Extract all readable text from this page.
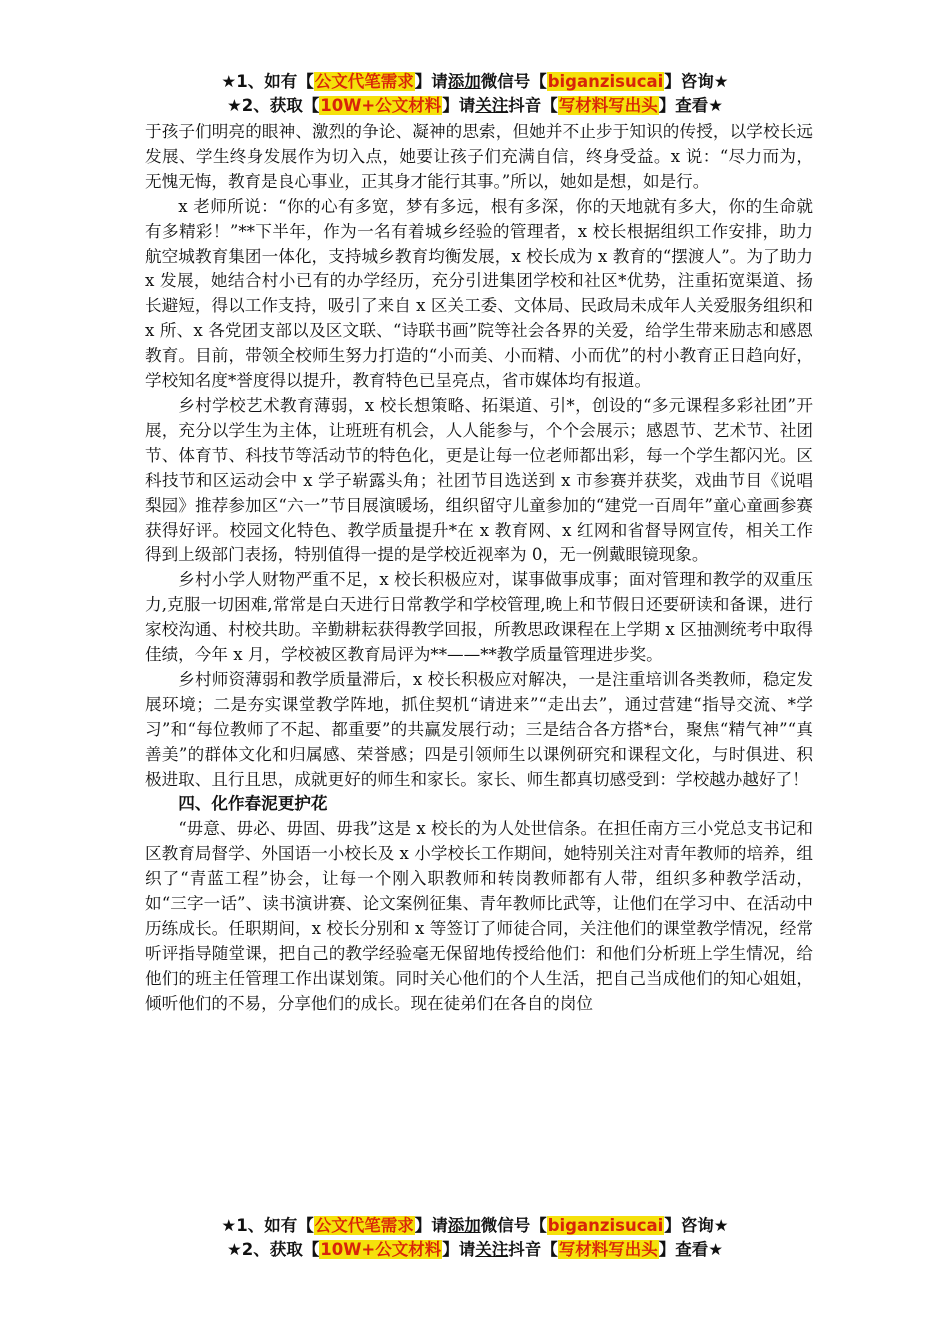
★1、如有【公文代笔需求】请添加微信号【biganzisucai】咨询★
★2、获取【10W+公文材料】请关注抖音【写材料写出头】查看★

于孩子们明亮的眼神、激烈的争论、凝神的思索，但她并不止步于知识的传授，以学校长远发展、学生终身发展作为切入点，她要让孩子们充满自信，终身受益。x 说：“尽力而为，无愧无悔，教育是良心事业，正其身才能行其事。”所以，她如是想，如是行。

x 老师所说：“你的心有多宽，梦有多远，根有多深，你的天地就有多大，你的生命就有多精彩！”**下半年，作为一名有着城乡经验的管理者，x 校长根据组织工作安排，助力航空城教育集团一体化，支持城乡教育均衡发展，x 校长成为 x 教育的“摆渡人”。为了助力 x 发展，她结合村小已有的办学经历，充分引进集团学校和社区*优势，注重拓宽渠道、扬长避短，得以工作支持，吸引了来自 x 区关工委、文体局、民政局未成年人关爱服务组织和 x 所、x 各党团支部以及区文联、“诗联书画”院等社会各界的关爱，给学生带来励志和感恩教育。目前，带领全校师生努力打造的“小而美、小而精、小而优”的村小教育正日趋向好，学校知名度*誉度得以提升，教育特色已呈亮点，省市媒体均有报道。

乡村学校艺术教育薄弱，x 校长想策略、拓渠道、引*，创设的“多元课程多彩社团”开展，充分以学生为主体，让班班有机会，人人能参与，个个会展示；感恩节、艺术节、社团节、体育节、科技节等活动节的特色化，更是让每一位老师都出彩，每一个学生都闪光。区科技节和区运动会中 x 学子崭露头角；社团节目选送到 x 市参赛并获奖，戏曲节目《说唱梨园》推荐参加区“六一”节目展演暖场，组织留守儿童参加的“建党一百周年”童心童画参赛获得好评。校园文化特色、教学质量提升*在 x 教育网、x 红网和省督导网宣传，相关工作得到上级部门表扬，特别值得一提的是学校近视率为 0，无一例戴眼镜现象。

乡村小学人财物严重不足，x 校长积极应对，谋事做事成事；面对管理和教学的双重压力,克服一切困难,常常是白天进行日常教学和学校管理,晚上和节假日还要研读和备课，进行家校沟通、村校共助。辛勤耕耘获得教学回报，所教思政课程在上学期 x 区抽测统考中取得佳绩，今年 x 月，学校被区教育局评为**——**教学质量管理进步奖。

乡村师资薄弱和教学质量滞后，x 校长积极应对解决，一是注重培训各类教师，稳定发展环境；二是夯实课堂教学阵地，抓住契机“请进来”“走出去”，通过营建“指导交流、*学习”和“每位教师了不起、都重要”的共赢发展行动；三是结合各方搭*台，聚焦“精气神”“真善美”的群体文化和归属感、荣誉感；四是引领师生以课例研究和课程文化，与时俱进、积极进取、且行且思，成就更好的师生和家长。家长、师生都真切感受到：学校越办越好了！

四、化作春泥更护花

“毋意、毋必、毋固、毋我”这是 x 校长的为人处世信条。在担任南方三小党总支书记和区教育局督学、外国语一小校长及 x 小学校长工作期间，她特别关注对青年教师的培养，组织了“青蓝工程”协会，让每一个刚入职教师和转岗教师都有人带，组织多种教学活动，如“三字一话”、读书演讲赛、论文案例征集、青年教师比武等，让他们在学习中、在活动中历练成长。任职期间，x 校长分别和 x 等签订了师徒合同，关注他们的课堂教学情况，经常听评指导随堂课，把自己的教学经验毫无保留地传授给他们：和他们分析班上学生情况，给他们的班主任管理工作出谋划策。同时关心他们的个人生活，把自己当成他们的知心姐姐，倾听他们的不易，分享他们的成长。现在徒弟们在各自的岗位

★1、如有【公文代笔需求】请添加微信号【biganzisucai】咨询★
★2、获取【10W+公文材料】请关注抖音【写材料写出头】查看★
